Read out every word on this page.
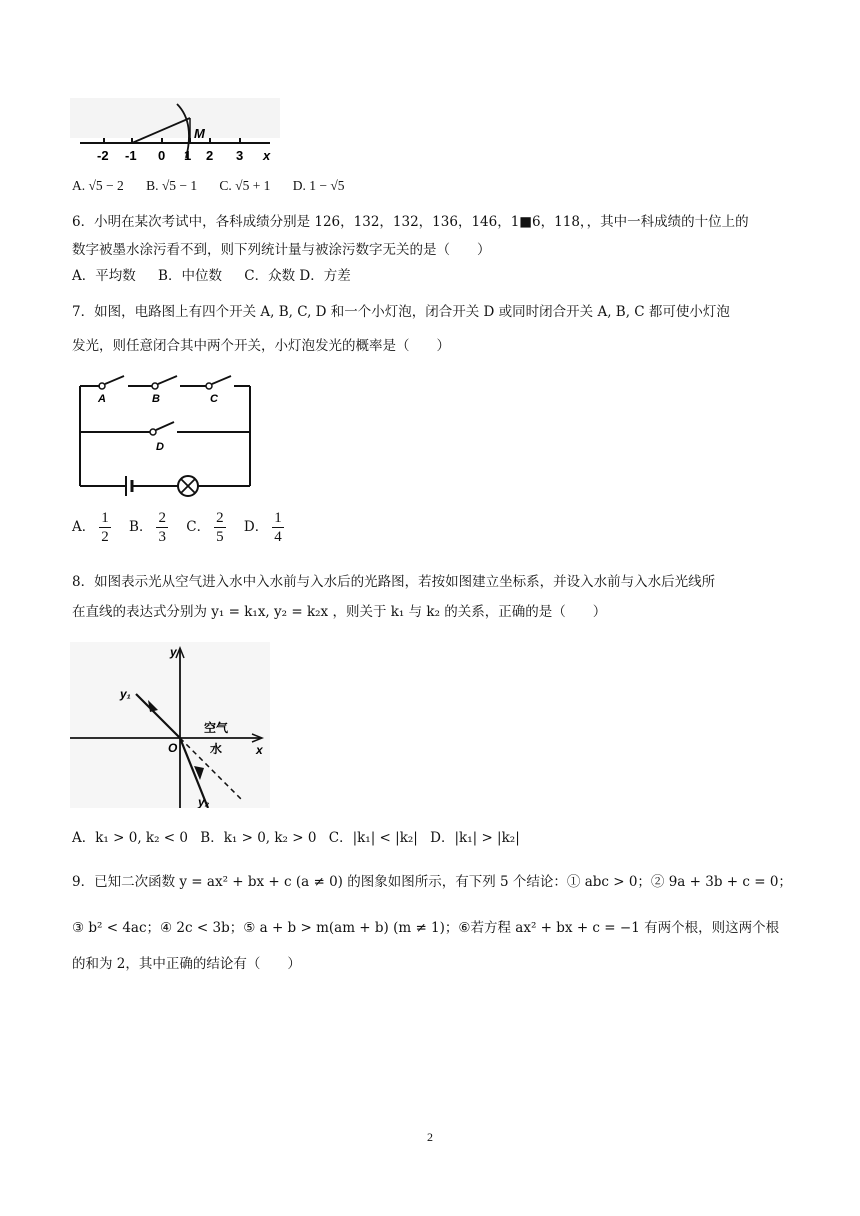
-2 -1 0 1 2 3 x
M
A. √5 − 2 B. √5 − 1 C. √5 + 1 D. 1 − √5
6．小明在某次考试中，各科成绩分别是 126，132，132，136，146，1■6，118，，其中一科成绩的十位上的
数字被墨水涂污看不到，则下列统计量与被涂污数字无关的是（　　）
A．平均数 B．中位数 C．众数 D．方差
7．如图，电路图上有四个开关 A, B, C, D 和一个小灯泡，闭合开关 D 或同时闭合开关 A, B, C 都可使小灯泡
发光，则任意闭合其中两个开关，小灯泡发光的概率是（　　）
A	B	C
D
A． $\frac{1}{2}$ B． $\frac{2}{3}$ C． $\frac{2}{5}$ D． $\frac{1}{4}$
8．如图表示光从空气进入水中入水前与入水后的光路图，若按如图建立坐标系，并设入水前与入水后光线所
在直线的表达式分别为 y₁ = k₁x, y₂ = k₂x ，则关于 k₁ 与 k₂ 的关系，正确的是（　　）
y
x
O
y₁
y₂
空气
水
A．k₁ > 0, k₂ < 0 B．k₁ > 0, k₂ > 0 C．|k₁| < |k₂| D．|k₁| > |k₂|
9．已知二次函数 y = ax² + bx + c (a ≠ 0) 的图象如图所示，有下列 5 个结论：① abc > 0；② 9a + 3b + c = 0；
③ b² < 4ac；④ 2c < 3b；⑤ a + b > m(am + b) (m ≠ 1)；⑥若方程 ax² + bx + c = −1 有两个根，则这两个根
的和为 2，其中正确的结论有（　　）
2
